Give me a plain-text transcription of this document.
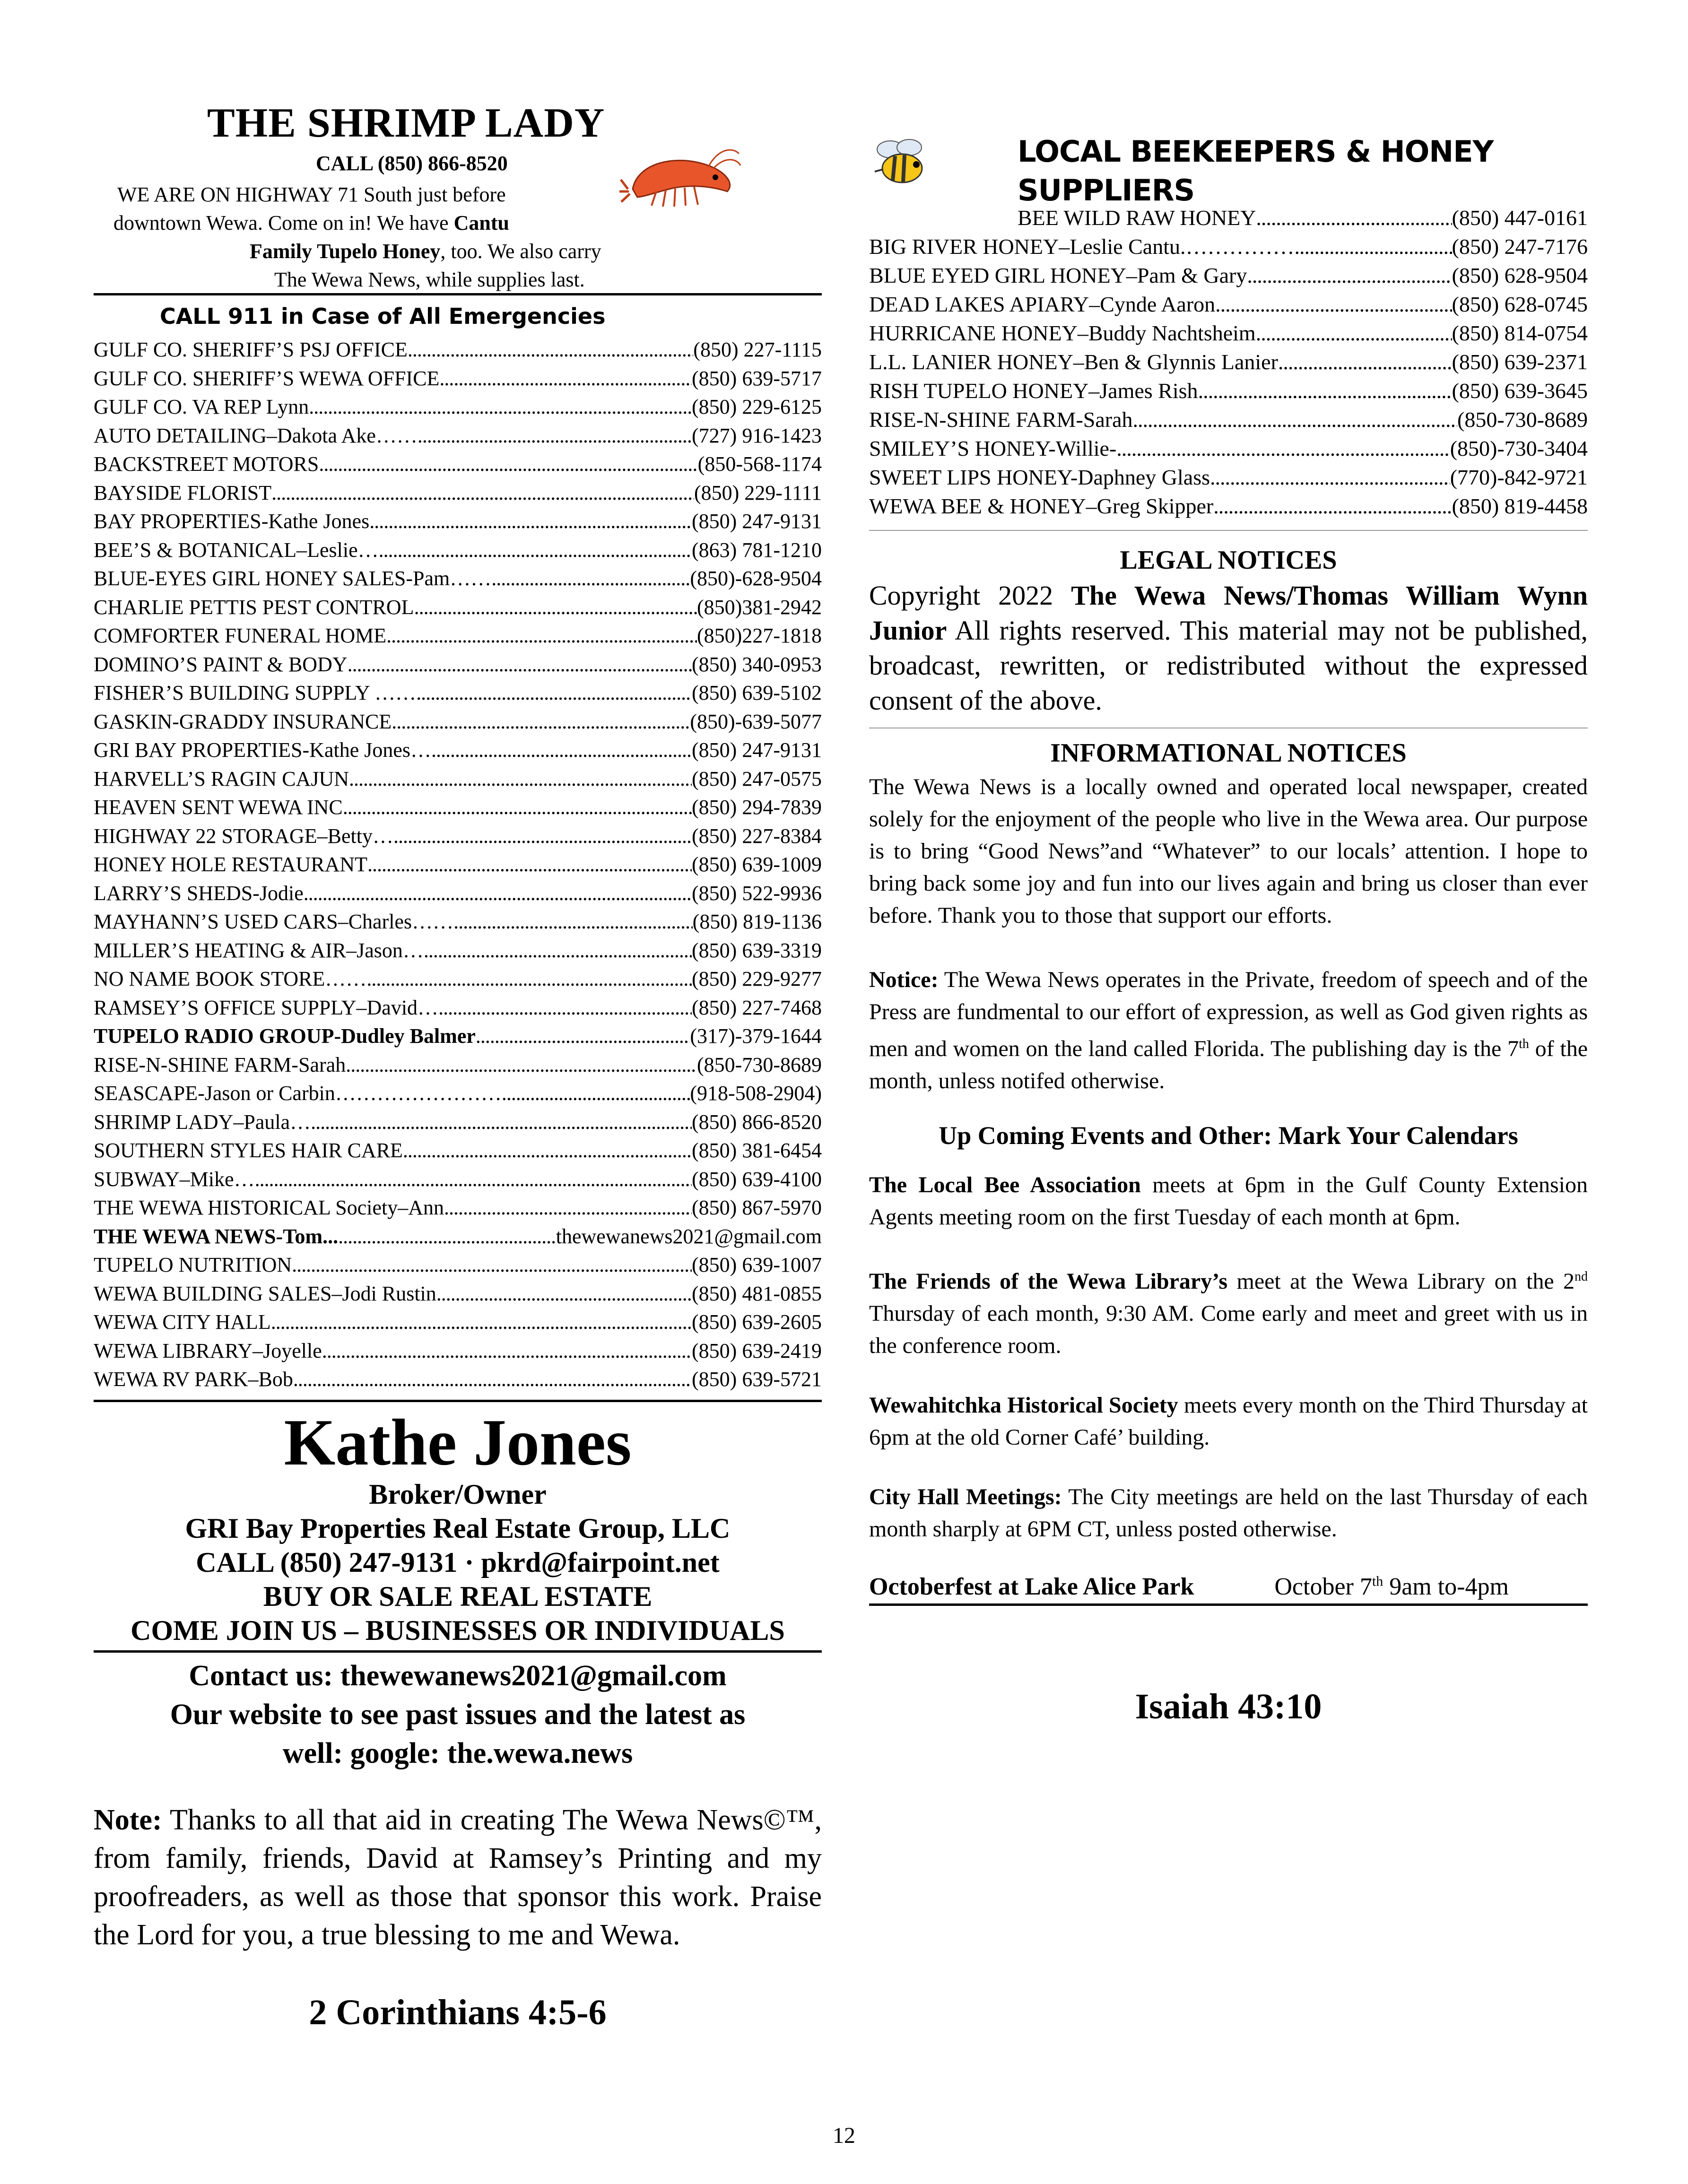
THE SHRIMP LADY
CALL (850) 866-8520
WE ARE ON HIGHWAY 71 South just before
downtown Wewa. Come on in! We have Cantu
Family Tupelo Honey, too. We also carry
The Wewa News, while supplies last.
CALL 911 in Case of All Emergencies
GULF CO. SHERIFF’S PSJ OFFICE .....	(850) 227-1115
GULF CO. SHERIFF’S WEWA OFFICE .....	(850) 639-5717
GULF CO. VA REP Lynn .....	(850) 229-6125
AUTO DETAILING–Dakota Ake…… .....	(727) 916-1423
BACKSTREET MOTORS .....	(850-568-1174
BAYSIDE FLORIST .....	(850) 229-1111
BAY PROPERTIES-Kathe Jones .....	(850) 247-9131
BEE’S & BOTANICAL–Leslie… .....	(863) 781-1210
BLUE-EYES GIRL HONEY SALES-Pam…… .....	(850)-628-9504
CHARLIE PETTIS PEST CONTROL .....	(850)381-2942
COMFORTER FUNERAL HOME .....	(850)227-1818
DOMINO’S PAINT & BODY .....	(850) 340-0953
FISHER’S BUILDING SUPPLY …… .....	(850) 639-5102
GASKIN-GRADDY INSURANCE .....	(850)-639-5077
GRI BAY PROPERTIES-Kathe Jones… .....	(850) 247-9131
HARVELL’S RAGIN CAJUN .....	(850) 247-0575
HEAVEN SENT WEWA INC .....	(850) 294-7839
HIGHWAY 22 STORAGE–Betty… .....	(850) 227-8384
HONEY HOLE RESTAURANT .....	(850) 639-1009
LARRY’S SHEDS-Jodie .....	(850) 522-9936
MAYHANN’S USED CARS–Charles…… .....	(850) 819-1136
MILLER’S HEATING & AIR–Jason… .....	(850) 639-3319
NO NAME BOOK STORE…… .....	(850) 229-9277
RAMSEY’S OFFICE SUPPLY–David… .....	(850) 227-7468
TUPELO RADIO GROUP-Dudley Balmer .....	(317)-379-1644
RISE-N-SHINE FARM-Sarah .....	(850-730-8689
SEASCAPE-Jason or Carbin…………………… .....	(918-508-2904)
SHRIMP LADY–Paula… .....	(850) 866-8520
SOUTHERN STYLES HAIR CARE .....	(850) 381-6454
SUBWAY–Mike… .....	(850) 639-4100
THE WEWA HISTORICAL Society–Ann .....	(850) 867-5970
THE WEWA NEWS-Tom... .....	thewewanews2021@gmail.com
TUPELO NUTRITION .....	(850) 639-1007
WEWA BUILDING SALES–Jodi Rustin .....	(850) 481-0855
WEWA CITY HALL .....	(850) 639-2605
WEWA LIBRARY–Joyelle .....	(850) 639-2419
WEWA RV PARK–Bob .....	(850) 639-5721
Kathe Jones
Broker/Owner
GRI Bay Properties Real Estate Group, LLC
CALL (850) 247-9131 · pkrd@fairpoint.net
BUY OR SALE REAL ESTATE
COME JOIN US – BUSINESSES OR INDIVIDUALS
Contact us: thewewanews2021@gmail.com
Our website to see past issues and the latest as
well: google: the.wewa.news
Note: Thanks to all that aid in creating The Wewa News©™, from family, friends, David at Ramsey’s Printing and my proofreaders, as well as those that sponsor this work. Praise the Lord for you, a true blessing to me and Wewa.
2 Corinthians 4:5-6
LOCAL BEEKEEPERS & HONEY SUPPLIERS
BEE WILD RAW HONEY .....	(850) 447-0161
BIG RIVER HONEY–Leslie Cantu.…………… .....	(850) 247-7176
BLUE EYED GIRL HONEY–Pam & Gary .....	(850) 628-9504
DEAD LAKES APIARY–Cynde Aaron .....	(850) 628-0745
HURRICANE HONEY–Buddy Nachtsheim .....	(850) 814-0754
L.L. LANIER HONEY–Ben & Glynnis Lanier .....	(850) 639-2371
RISH TUPELO HONEY–James Rish .....	(850) 639-3645
RISE-N-SHINE FARM-Sarah .....	(850-730-8689
SMILEY’S HONEY-Willie- .....	(850)-730-3404
SWEET LIPS HONEY-Daphney Glass .....	(770)-842-9721
WEWA BEE & HONEY–Greg Skipper .....	(850) 819-4458
LEGAL NOTICES
Copyright 2022 The Wewa News/Thomas William Wynn Junior All rights reserved. This material may not be published, broadcast, rewritten, or redistributed without the expressed consent of the above.
INFORMATIONAL NOTICES
The Wewa News is a locally owned and operated local newspaper, created solely for the enjoyment of the people who live in the Wewa area. Our purpose is to bring “Good News”and “Whatever” to our locals’ attention. I hope to bring back some joy and fun into our lives again and bring us closer than ever before. Thank you to those that support our efforts.
Notice: The Wewa News operates in the Private, freedom of speech and of the Press are fundmental to our effort of expression, as well as God given rights as men and women on the land called Florida. The publishing day is the 7th of the month, unless notifed otherwise.
Up Coming Events and Other: Mark Your Calendars
The Local Bee Association meets at 6pm in the Gulf County Extension Agents meeting room on the first Tuesday of each month at 6pm.
The Friends of the Wewa Library’s meet at the Wewa Library on the 2nd Thursday of each month, 9:30 AM. Come early and meet and greet with us in the conference room.
Wewahitchka Historical Society meets every month on the Third Thursday at 6pm at the old Corner Café’ building.
City Hall Meetings: The City meetings are held on the last Thursday of each month sharply at 6PM CT, unless posted otherwise.
Octoberfest at Lake Alice Park	October 7th 9am to-4pm
Isaiah 43:10
12
